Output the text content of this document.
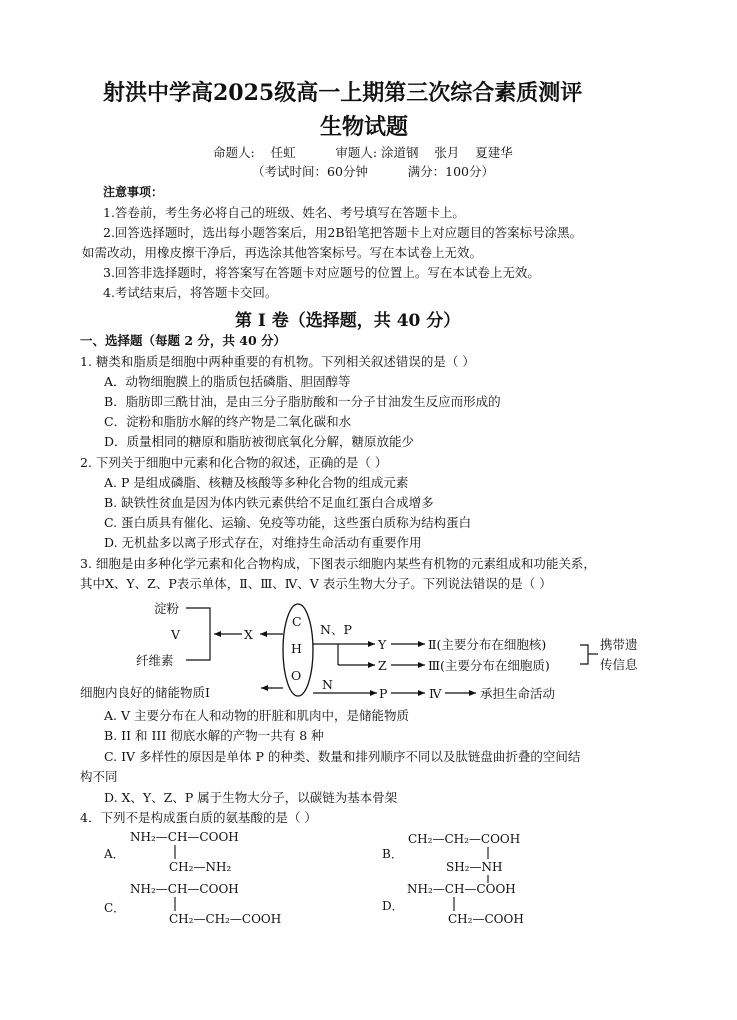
射洪中学高2025级高一上期第三次综合素质测评
生物试题
命题人:    任虹          审题人: 涂道钢    张月    夏建华
（考试时间：60分钟          满分：100分）
注意事项：
1.答卷前，考生务必将自己的班级、姓名、考号填写在答题卡上。
2.回答选择题时，选出每小题答案后，用2B铅笔把答题卡上对应题目的答案标号涂黑。
如需改动，用橡皮擦干净后，再选涂其他答案标号。写在本试卷上无效。
3.回答非选择题时，将答案写在答题卡对应题号的位置上。写在本试卷上无效。
4.考试结束后，将答题卡交回。
第 I 卷（选择题，共 40 分）
一、选择题（每题 2 分，共 40 分）
1. 糖类和脂质是细胞中两种重要的有机物。下列相关叙述错误的是（ ）
A．动物细胞膜上的脂质包括磷脂、胆固醇等
B．脂肪即三酰甘油，是由三分子脂肪酸和一分子甘油发生反应而形成的
C．淀粉和脂肪水解的终产物是二氧化碳和水
D．质量相同的糖原和脂肪被彻底氧化分解，糖原放能少
2. 下列关于细胞中元素和化合物的叙述，正确的是（ ）
A. P 是组成磷脂、核糖及核酸等多种化合物的组成元素
B. 缺铁性贫血是因为体内铁元素供给不足血红蛋白合成增多
C. 蛋白质具有催化、运输、免疫等功能，这些蛋白质称为结构蛋白
D. 无机盐多以离子形式存在，对维持生命活动有重要作用
3. 细胞是由多种化学元素和化合物构成，下图表示细胞内某些有机物的元素组成和功能关系，
其中X、Y、Z、P表示单体，Ⅱ、Ⅲ、Ⅳ、V 表示生物大分子。下列说法错误的是（ ）
淀粉
V
纤维素
X
C
H
O
N、P
Y
Z
Ⅱ(主要分布在细胞核)
Ⅲ(主要分布在细胞质)
携带遗
传信息
N
P	Ⅳ	承担生命活动
细胞内良好的储能物质Ⅰ
A. V 主要分布在人和动物的肝脏和肌肉中，是储能物质
B. II 和 III 彻底水解的产物一共有 8 种
C. IV 多样性的原因是单体 P 的种类、数量和排列顺序不同以及肽链盘曲折叠的空间结
构不同
D. X、Y、Z、P 属于生物大分子，以碳链为基本骨架
4．下列不是构成蛋白质的氨基酸的是（ ）
A．
NH₂—CH—COOH
CH₂—NH₂
C．
NH₂—CH—COOH
CH₂—CH₂—COOH
B．
CH₂—CH₂—COOH
SH₂—NH
NH₂—CH—COOH
D．
CH₂—COOH
